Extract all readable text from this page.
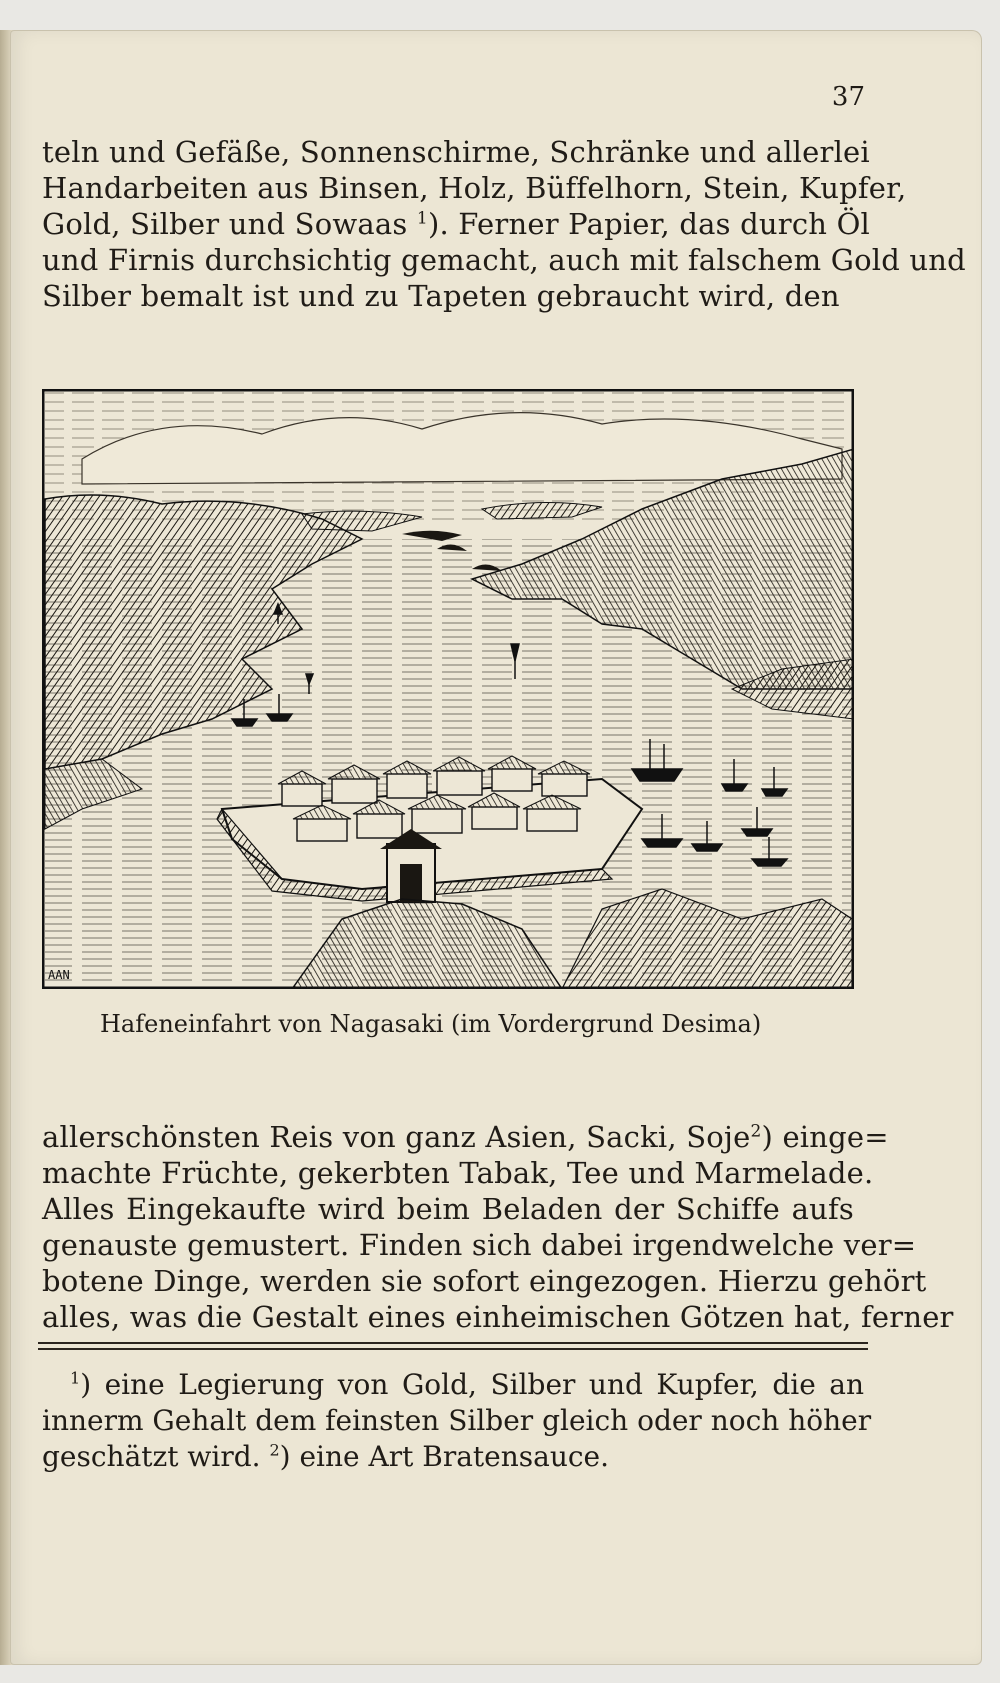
37
teln und Gefäße, Sonnenschirme, Schränke und allerlei
Handarbeiten aus Binsen, Holz, Büffelhorn, Stein, Kupfer,
Gold, Silber und Sowaas $^1$). Ferner Papier, das durch Öl
und Firnis durchsichtig gemacht, auch mit falschem Gold und
Silber bemalt ist und zu Tapeten gebraucht wird, den
AAN
Hafeneinfahrt von Nagasaki (im Vordergrund Desima)
allerschönsten Reis von ganz Asien, Sacki, Soje$^2$) einge=
machte Früchte, gekerbten Tabak, Tee und Marmelade.
Alles Eingekaufte wird beim Beladen der Schiffe aufs
genauste gemustert. Finden sich dabei irgendwelche ver=
botene Dinge, werden sie sofort eingezogen. Hierzu gehört
alles, was die Gestalt eines einheimischen Götzen hat, ferner
$^1$) eine Legierung von Gold, Silber und Kupfer, die an
innerm Gehalt dem feinsten Silber gleich oder noch höher
geschätzt wird. $^2$) eine Art Bratensauce.
